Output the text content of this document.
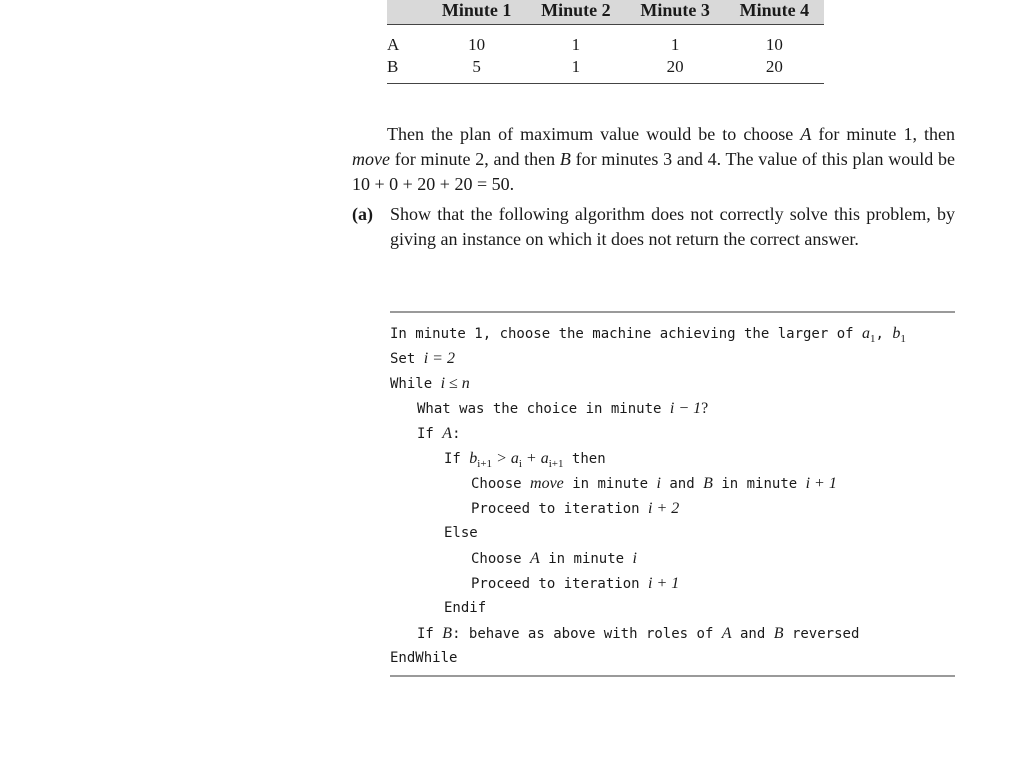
	Minute 1	Minute 2	Minute 3	Minute 4
A	10	1	1	10
B	5	1	20	20

Then the plan of maximum value would be to choose A for minute 1, then move for minute 2, and then B for minutes 3 and 4. The value of this plan would be 10 + 0 + 20 + 20 = 50.

(a) Show that the following algorithm does not correctly solve this problem, by giving an instance on which it does not return the correct answer.
In minute 1, choose the machine achieving the larger of $a_1$, $b_1$
Set i = 2
While i ≤ n
What was the choice in minute i − 1?
If A:
If $b_{i+1} > a_i + a_{i+1}$ then
Choose move in minute i and B in minute i + 1
Proceed to iteration i + 2
Else
Choose A in minute i
Proceed to iteration i + 1
Endif
If B: behave as above with roles of A and B reversed
EndWhile
